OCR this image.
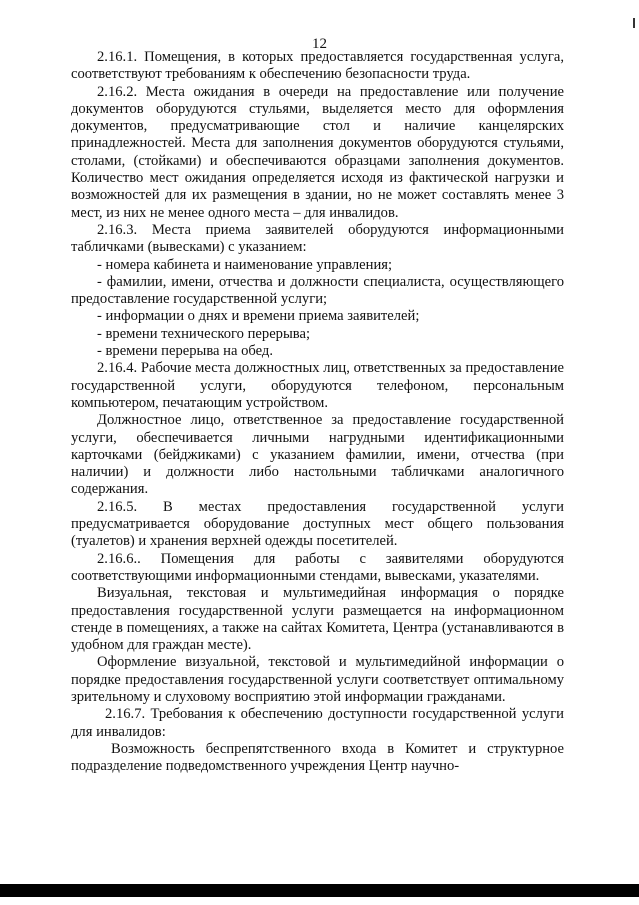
12

2.16.1. Помещения, в которых предоставляется государственная услуга, соответствуют требованиям к обеспечению безопасности труда.

2.16.2. Места ожидания в очереди на предоставление или получение документов оборудуются стульями, выделяется место для оформления документов, предусматривающие стол и наличие канцелярских принадлежностей. Места для заполнения документов оборудуются стульями, столами, (стойками) и обеспечиваются образцами заполнения документов. Количество мест ожидания определяется исходя из фактической нагрузки и возможностей для их размещения в здании, но не может составлять менее 3 мест, из них не менее одного места – для инвалидов.

2.16.3. Места приема заявителей оборудуются информационными табличками (вывесками) с указанием:

- номера кабинета и наименование управления;

- фамилии, имени, отчества и должности специалиста, осуществляющего предоставление государственной услуги;

- информации о днях и времени приема заявителей;

- времени технического перерыва;

- времени перерыва на обед.

2.16.4. Рабочие места должностных лиц, ответственных за предоставление государственной услуги, оборудуются телефоном, персональным компьютером, печатающим устройством.

Должностное лицо, ответственное за предоставление государственной услуги, обеспечивается личными нагрудными идентификационными карточками (бейджиками) с указанием фамилии, имени, отчества (при наличии) и должности либо настольными табличками аналогичного содержания.

2.16.5. В местах предоставления государственной услуги предусматривается оборудование доступных мест общего пользования (туалетов) и хранения верхней одежды посетителей.

2.16.6.. Помещения для работы с заявителями оборудуются соответствующими информационными стендами, вывесками, указателями.

Визуальная, текстовая и мультимедийная информация о порядке предоставления государственной услуги размещается на информационном стенде в помещениях, а также на сайтах Комитета, Центра (устанавливаются в удобном для граждан месте).

Оформление визуальной, текстовой и мультимедийной информации о порядке предоставления государственной услуги соответствует оптимальному зрительному и слуховому восприятию этой информации гражданами.

2.16.7. Требования к обеспечению доступности государственной услуги для инвалидов:

Возможность беспрепятственного входа в Комитет и структурное подразделение подведомственного учреждения Центр научно-
